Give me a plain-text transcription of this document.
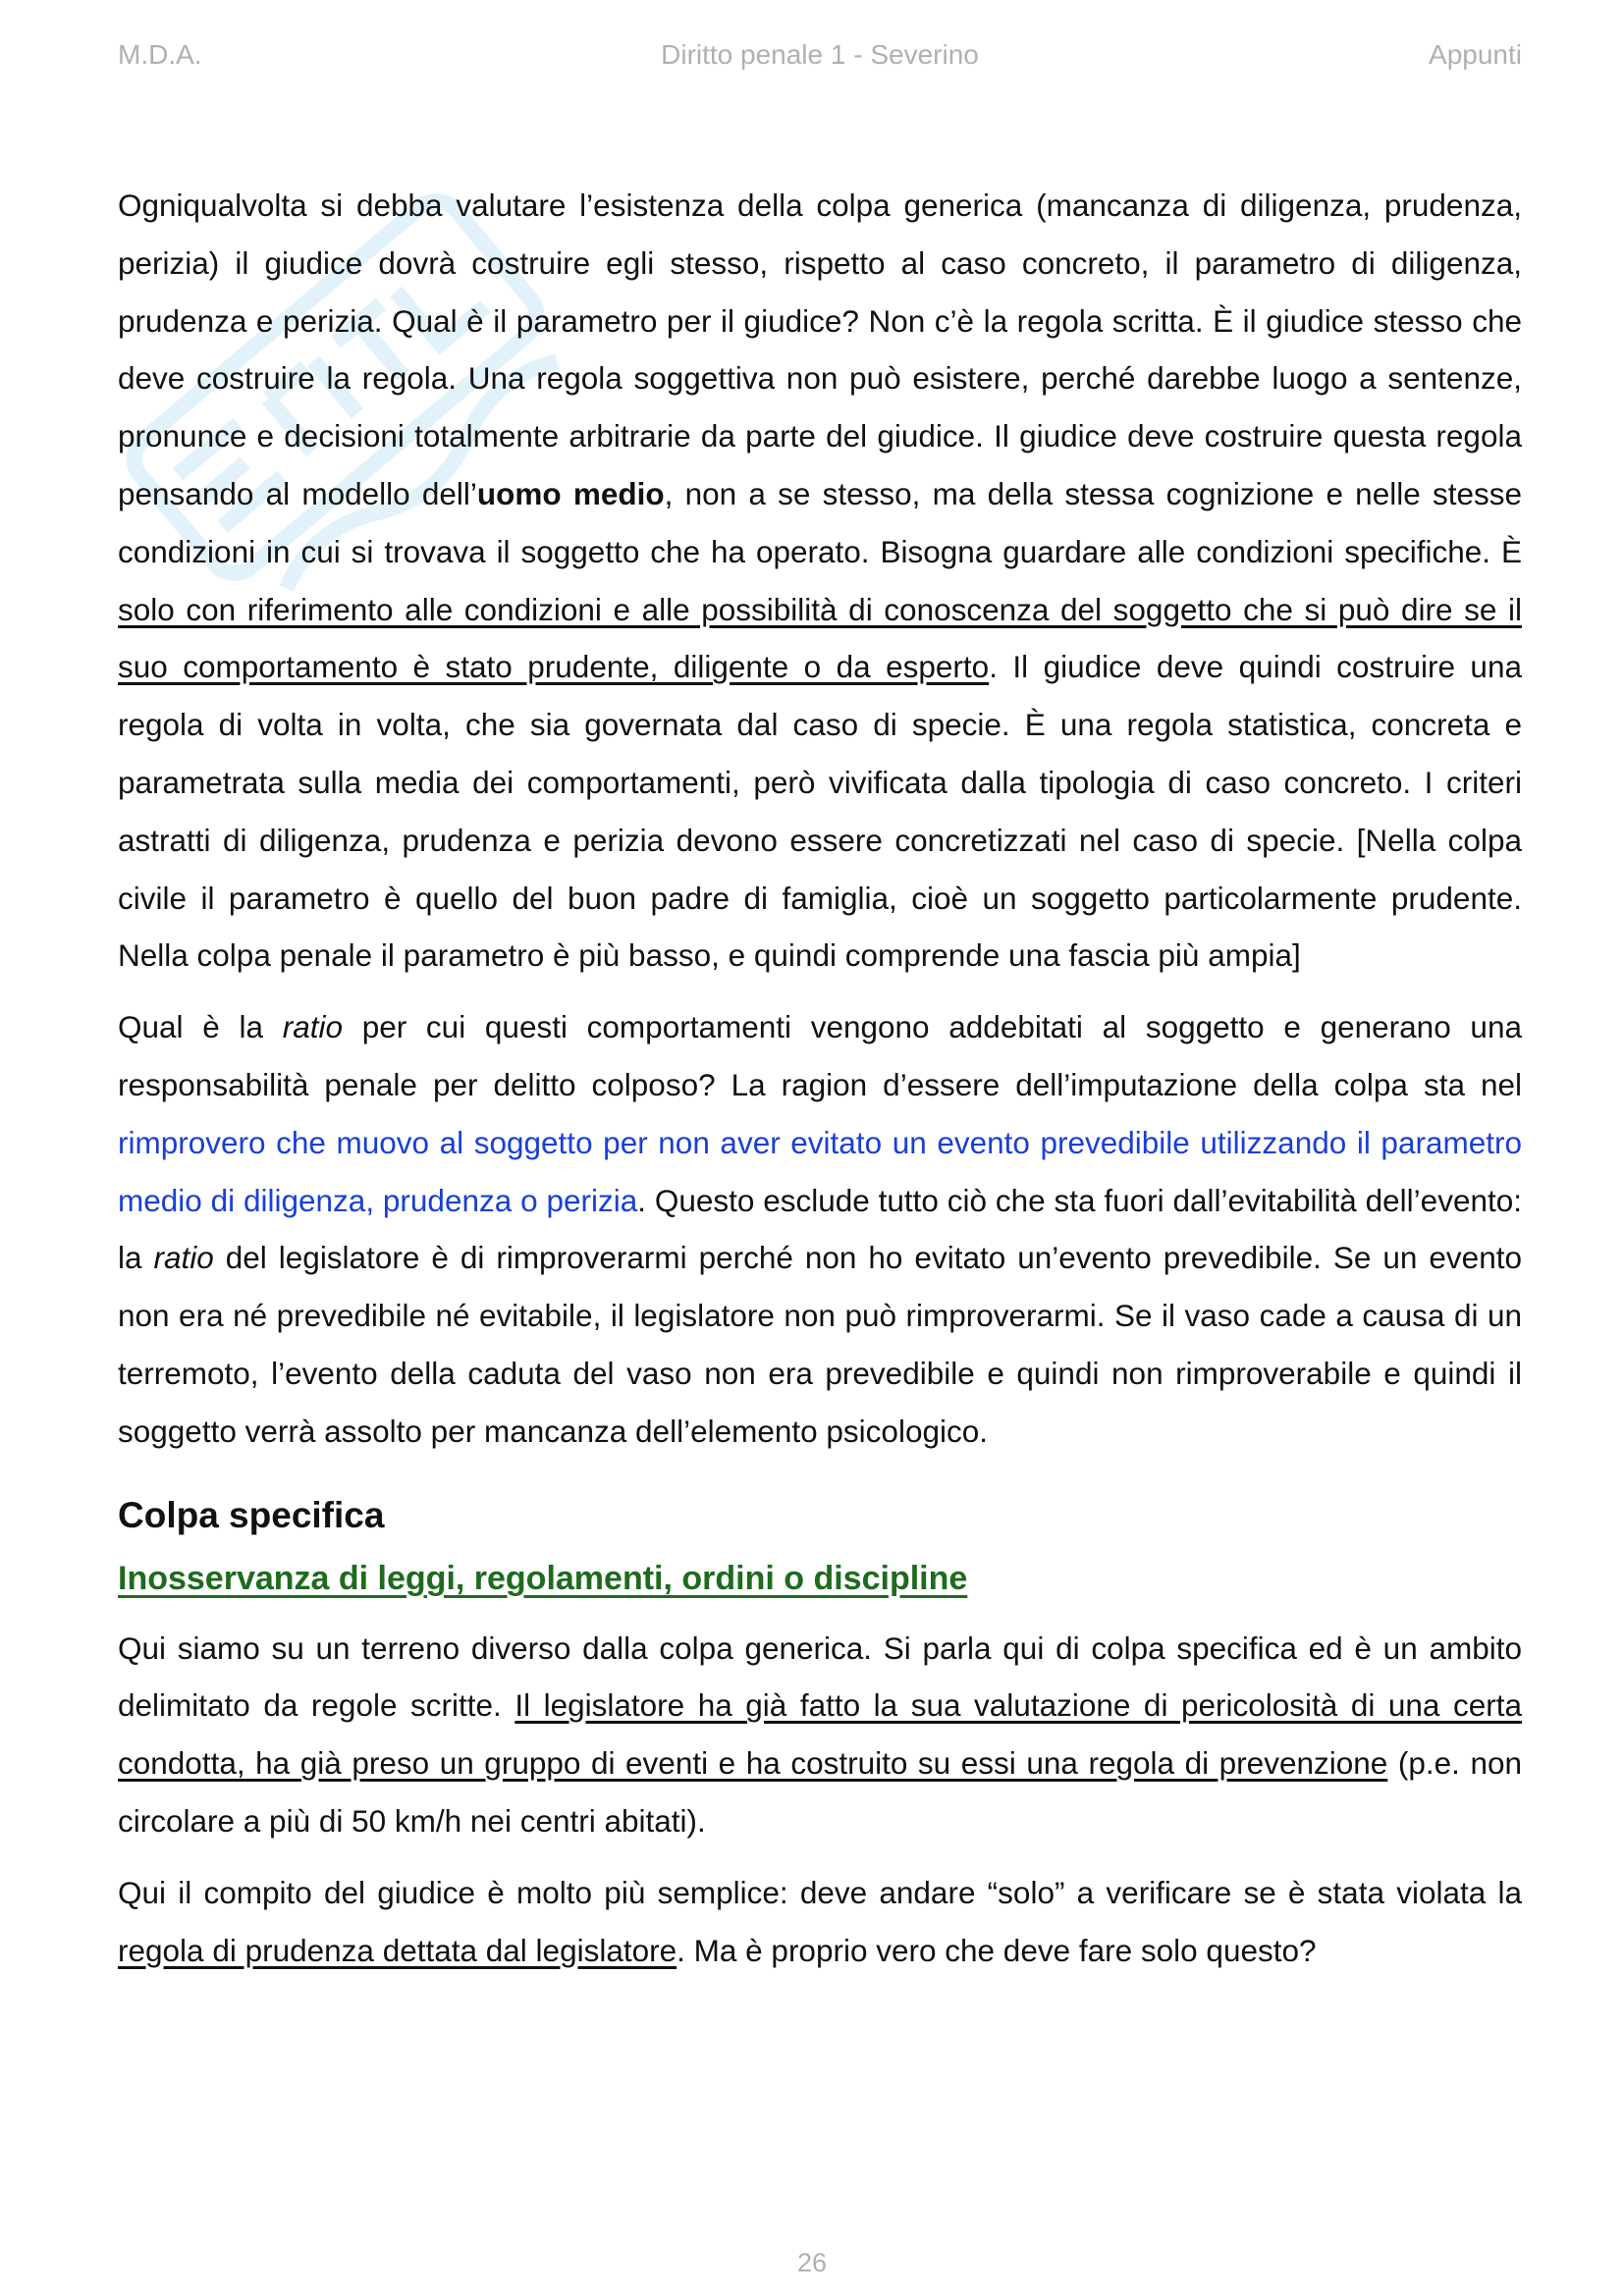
M.D.A.	Diritto penale 1 - Severino	Appunti

Ogniqualvolta si debba valutare l’esistenza della colpa generica (mancanza di diligenza, prudenza, perizia) il giudice dovrà costruire egli stesso, rispetto al caso concreto, il parametro di diligenza, prudenza e perizia. Qual è il parametro per il giudice? Non c’è la regola scritta. È il giudice stesso che deve costruire la regola. Una regola soggettiva non può esistere, perché darebbe luogo a sentenze, pronunce e decisioni totalmente arbitrarie da parte del giudice. Il giudice deve costruire questa regola pensando al modello dell’uomo medio, non a se stesso, ma della stessa cognizione e nelle stesse condizioni in cui si trovava il soggetto che ha operato. Bisogna guardare alle condizioni specifiche. È solo con riferimento alle condizioni e alle possibilità di conoscenza del soggetto che si può dire se il suo comportamento è stato prudente, diligente o da esperto. Il giudice deve quindi costruire una regola di volta in volta, che sia governata dal caso di specie. È una regola statistica, concreta e parametrata sulla media dei comportamenti, però vivificata dalla tipologia di caso concreto. I criteri astratti di diligenza, prudenza e perizia devono essere concretizzati nel caso di specie. [Nella colpa civile il parametro è quello del buon padre di famiglia, cioè un soggetto particolarmente prudente. Nella colpa penale il parametro è più basso, e quindi comprende una fascia più ampia]

Qual è la ratio per cui questi comportamenti vengono addebitati al soggetto e generano una responsabilità penale per delitto colposo? La ragion d’essere dell’imputazione della colpa sta nel rimprovero che muovo al soggetto per non aver evitato un evento prevedibile utilizzando il parametro medio di diligenza, prudenza o perizia. Questo esclude tutto ciò che sta fuori dall’evitabilità dell’evento: la ratio del legislatore è di rimproverarmi perché non ho evitato un’evento prevedibile. Se un evento non era né prevedibile né evitabile, il legislatore non può rimproverarmi. Se il vaso cade a causa di un terremoto, l’evento della caduta del vaso non era prevedibile e quindi non rimproverabile e quindi il soggetto verrà assolto per mancanza dell’elemento psicologico.

Colpa specifica
Inosservanza di leggi, regolamenti, ordini o discipline

Qui siamo su un terreno diverso dalla colpa generica. Si parla qui di colpa specifica ed è un ambito delimitato da regole scritte. Il legislatore ha già fatto la sua valutazione di pericolosità di una certa condotta, ha già preso un gruppo di eventi e ha costruito su essi una regola di prevenzione (p.e. non circolare a più di 50 km/h nei centri abitati).

Qui il compito del giudice è molto più semplice: deve andare “solo” a verificare se è stata violata la regola di prudenza dettata dal legislatore. Ma è proprio vero che deve fare solo questo?

26
